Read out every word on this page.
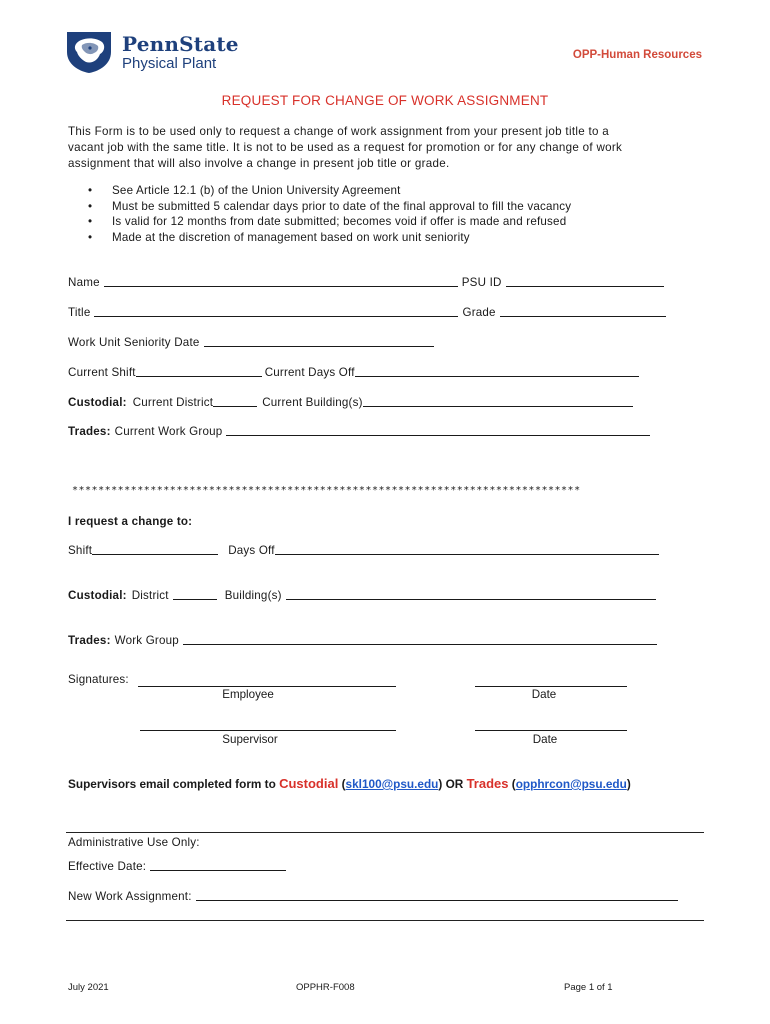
PennState
Physical Plant	OPP-Human Resources
REQUEST FOR CHANGE OF WORK ASSIGNMENT
This Form is to be used only to request a change of work assignment from your present job title to a
vacant job with the same title. It is not to be used as a request for promotion or for any change of work
assignment that will also involve a change in present job title or grade.
• See Article 12.1 (b) of the Union University Agreement
• Must be submitted 5 calendar days prior to date of the final approval to fill the vacancy
• Is valid for 12 months from date submitted; becomes void if offer is made and refused
• Made at the discretion of management based on work unit seniority
Name	PSU ID
Title	Grade
Work Unit Seniority Date
Current Shift	Current Days Off
Custodial: Current District	Current Building(s)
Trades: Current Work Group
******************************************************************************
I request a change to:
Shift	Days Off
Custodial: District	Building(s)
Trades: Work Group
Signatures:
Employee	Date
Supervisor	Date
Supervisors email completed form to Custodial (skl100@psu.edu) OR Trades (opphrcon@psu.edu)
Administrative Use Only:
Effective Date:
New Work Assignment:
July 2021	OPPHR-F008	Page 1 of 1
